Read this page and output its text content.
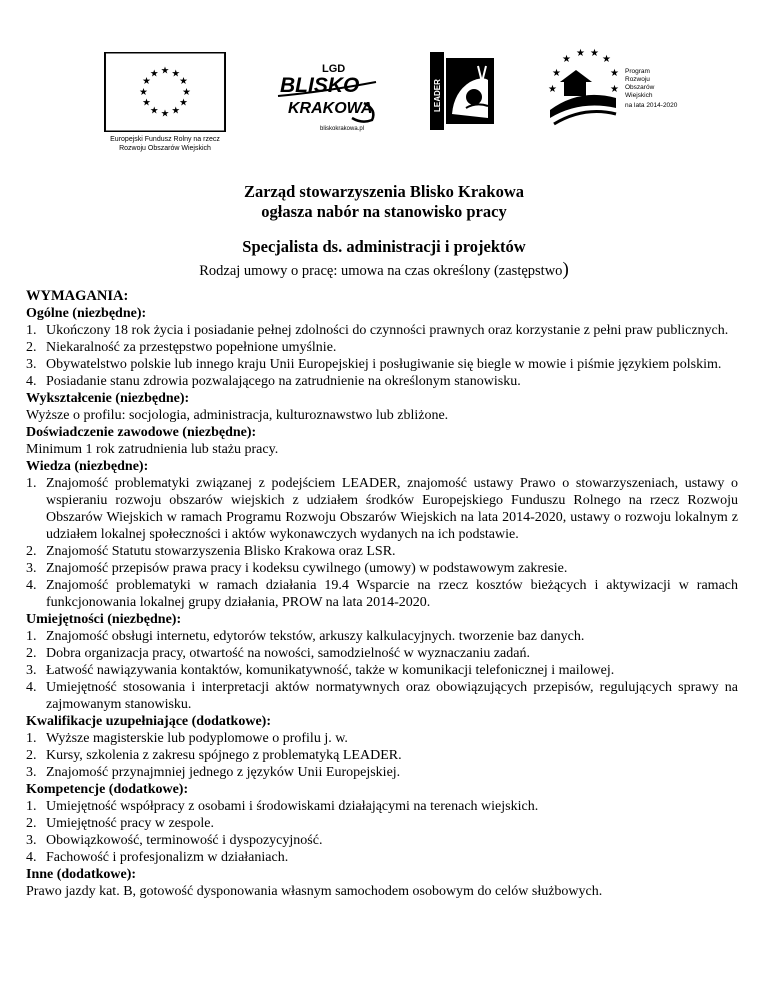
★ ★
★
★
★
★
★
★
★
★
★
★
Europejski Fundusz Rolny na rzecz
Rozwoju Obszarów Wiejskich
LGD
BLISKO
KRAKOWA
bliskokrakowa.pl
LEADER
★
★
★ ★
★
★
★	★
Program
Rozwoju
Obszarów
Wiejskich
na lata 2014-2020
Zarząd stowarzyszenia Blisko Krakowa
ogłasza nabór na stanowisko pracy
Specjalista ds. administracji i projektów
Rodzaj umowy o pracę: umowa na czas określony (zastępstwo)
WYMAGANIA:
Ogólne (niezbędne):
1. Ukończony 18 rok życia i posiadanie pełnej zdolności do czynności prawnych oraz korzystanie z pełni praw publicznych.
2. Niekaralność za przestępstwo popełnione umyślnie.
3. Obywatelstwo polskie lub innego kraju Unii Europejskiej i posługiwanie się biegle w mowie i piśmie językiem polskim.
4. Posiadanie stanu zdrowia pozwalającego na zatrudnienie na określonym stanowisku.
Wykształcenie (niezbędne):
Wyższe o profilu: socjologia, administracja, kulturoznawstwo lub zbliżone.
Doświadczenie zawodowe (niezbędne):
Minimum 1 rok zatrudnienia lub stażu pracy.
Wiedza (niezbędne):
1. Znajomość problematyki związanej z podejściem LEADER, znajomość ustawy Prawo o stowarzyszeniach, ustawy o wspieraniu rozwoju obszarów wiejskich z udziałem środków Europejskiego Funduszu Rolnego na rzecz Rozwoju Obszarów Wiejskich w ramach Programu Rozwoju Obszarów Wiejskich na lata 2014-2020, ustawy o rozwoju lokalnym z udziałem lokalnej społeczności i aktów wykonawczych wydanych na ich podstawie.
2. Znajomość Statutu stowarzyszenia Blisko Krakowa oraz LSR.
3. Znajomość przepisów prawa pracy i kodeksu cywilnego (umowy) w podstawowym zakresie.
4. Znajomość problematyki w ramach działania 19.4 Wsparcie na rzecz kosztów bieżących i aktywizacji w ramach funkcjonowania lokalnej grupy działania, PROW na lata 2014-2020.
Umiejętności (niezbędne):
1. Znajomość obsługi internetu, edytorów tekstów, arkuszy kalkulacyjnych. tworzenie baz danych.
2. Dobra organizacja pracy, otwartość na nowości, samodzielność w wyznaczaniu zadań.
3. Łatwość nawiązywania kontaktów, komunikatywność, także w komunikacji telefonicznej i mailowej.
4. Umiejętność stosowania i interpretacji aktów normatywnych oraz obowiązujących przepisów, regulujących sprawy na zajmowanym stanowisku.
Kwalifikacje uzupełniające (dodatkowe):
1. Wyższe magisterskie lub podyplomowe o profilu j. w.
2. Kursy, szkolenia z zakresu spójnego z problematyką LEADER.
3. Znajomość przynajmniej jednego z języków Unii Europejskiej.
Kompetencje (dodatkowe):
1. Umiejętność współpracy z osobami i środowiskami działającymi na terenach wiejskich.
2. Umiejętność pracy w zespole.
3. Obowiązkowość, terminowość i dyspozycyjność.
4. Fachowość i profesjonalizm w działaniach.
Inne (dodatkowe):
Prawo jazdy kat. B, gotowość dysponowania własnym samochodem osobowym do celów służbowych.
